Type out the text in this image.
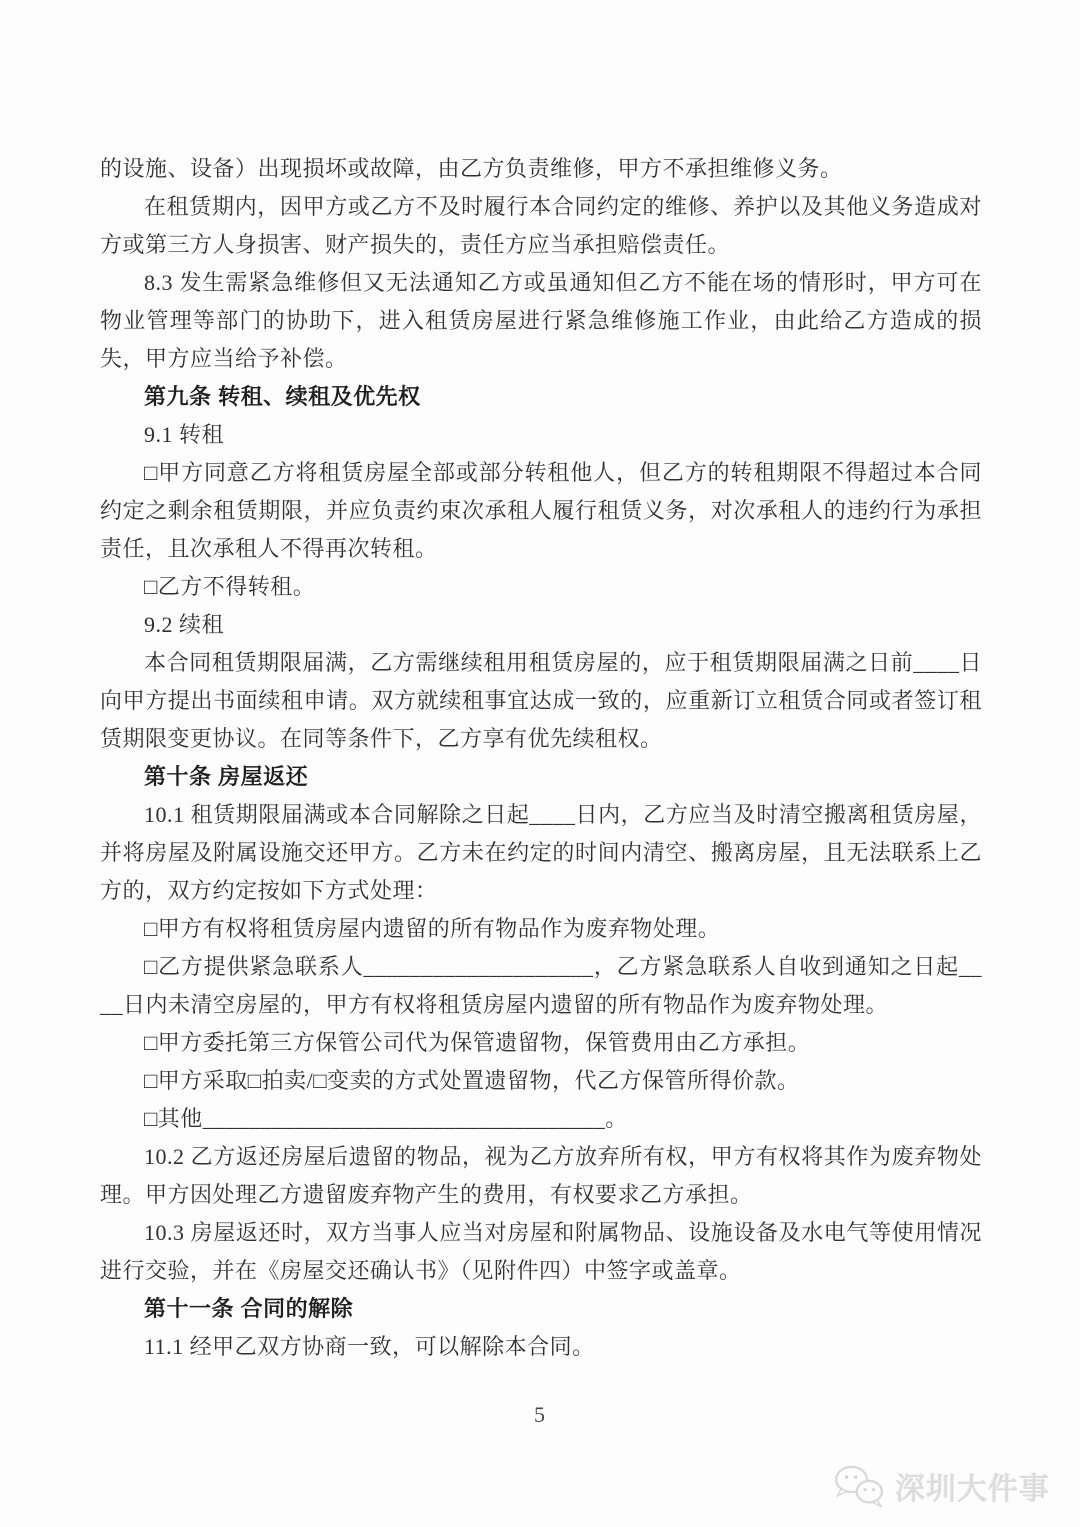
的设施、设备）出现损坏或故障，由乙方负责维修，甲方不承担维修义务。

在租赁期内，因甲方或乙方不及时履行本合同约定的维修、养护以及其他义务造成对方或第三方人身损害、财产损失的，责任方应当承担赔偿责任。

8.3 发生需紧急维修但又无法通知乙方或虽通知但乙方不能在场的情形时，甲方可在物业管理等部门的协助下，进入租赁房屋进行紧急维修施工作业，由此给乙方造成的损失，甲方应当给予补偿。

第九条 转租、续租及优先权

9.1 转租

□甲方同意乙方将租赁房屋全部或部分转租他人，但乙方的转租期限不得超过本合同约定之剩余租赁期限，并应负责约束次承租人履行租赁义务，对次承租人的违约行为承担责任，且次承租人不得再次转租。

□乙方不得转租。

9.2 续租

本合同租赁期限届满，乙方需继续租用租赁房屋的，应于租赁期限届满之日前____日向甲方提出书面续租申请。双方就续租事宜达成一致的，应重新订立租赁合同或者签订租赁期限变更协议。在同等条件下，乙方享有优先续租权。

第十条 房屋返还

10.1 租赁期限届满或本合同解除之日起____日内，乙方应当及时清空搬离租赁房屋，并将房屋及附属设施交还甲方。乙方未在约定的时间内清空、搬离房屋，且无法联系上乙方的，双方约定按如下方式处理：

□甲方有权将租赁房屋内遗留的所有物品作为废弃物处理。

□乙方提供紧急联系人____________________，乙方紧急联系人自收到通知之日起____日内未清空房屋的，甲方有权将租赁房屋内遗留的所有物品作为废弃物处理。

□甲方委托第三方保管公司代为保管遗留物，保管费用由乙方承担。

□甲方采取□拍卖/□变卖的方式处置遗留物，代乙方保管所得价款。

□其他___________________________________。

10.2 乙方返还房屋后遗留的物品，视为乙方放弃所有权，甲方有权将其作为废弃物处理。甲方因处理乙方遗留废弃物产生的费用，有权要求乙方承担。

10.3 房屋返还时，双方当事人应当对房屋和附属物品、设施设备及水电气等使用情况进行交验，并在《房屋交还确认书》（见附件四）中签字或盖章。

第十一条 合同的解除

11.1 经甲乙双方协商一致，可以解除本合同。

5
深圳大件事
